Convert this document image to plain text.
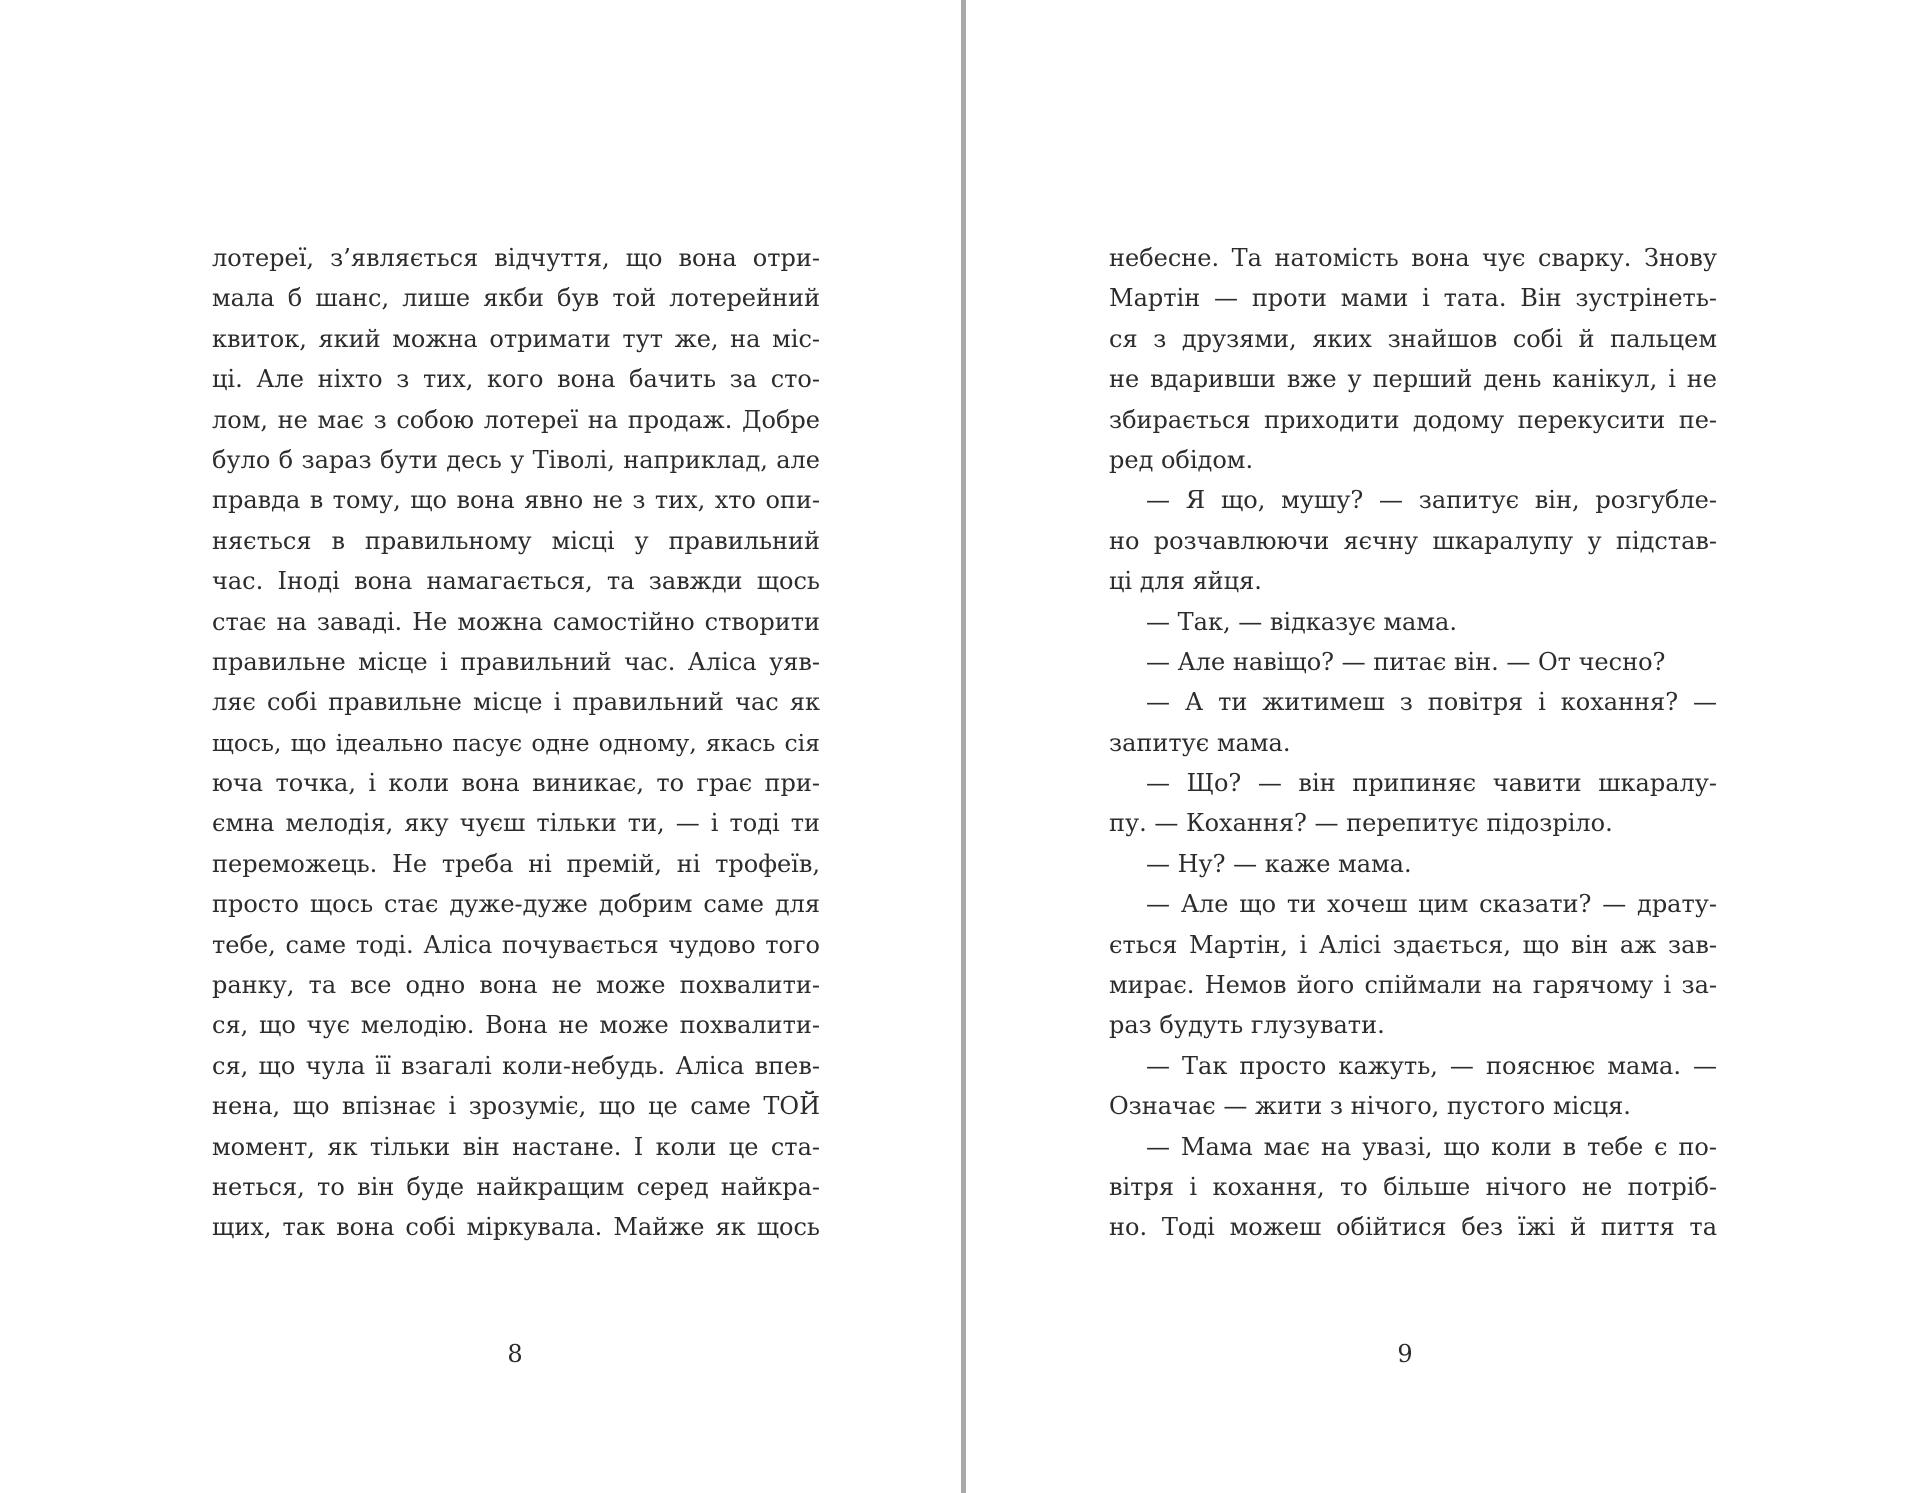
лотереї, з’являється відчуття, що вона отри-
мала б шанс, лише якби був той лотерейний
квиток, який можна отримати тут же, на міс-
ці. Але ніхто з тих, кого вона бачить за сто-
лом, не має з собою лотереї на продаж. Добре
було б зараз бути десь у Тіволі, наприклад, але
правда в тому, що вона явно не з тих, хто опи-
няється в правильному місці у правильний
час. Іноді вона намагається, та завжди щось
стає на заваді. Не можна самостійно створити
правильне місце і правильний час. Аліса уяв-
ляє собі правильне місце і правильний час як
щось, що ідеально пасує одне одному, якась сія
юча точка, і коли вона виникає, то грає при-
ємна мелодія, яку чуєш тільки ти, — і тоді ти
переможець. Не треба ні премій, ні трофеїв,
просто щось стає дуже-дуже добрим саме для
тебе, саме тоді. Аліса почувається чудово того
ранку, та все одно вона не може похвалити-
ся, що чує мелодію. Вона не може похвалити-
ся, що чула її взагалі коли-небудь. Аліса впев-
нена, що впізнає і зрозуміє, що це саме ТОЙ
момент, як тільки він настане. І коли це ста-
неться, то він буде найкращим серед найкра-
щих, так вона собі міркувала. Майже як щось

8

небесне. Та натомість вона чує сварку. Знову
Мартін — проти мами і тата. Він зустрінеть-
ся з друзями, яких знайшов собі й пальцем
не вдаривши вже у перший день канікул, і не
збирається приходити додому перекусити пе-
ред обідом.
— Я що, мушу? — запитує він, розгубле-
но розчавлюючи яєчну шкаралупу у підстав-
ці для яйця.
— Так, — відказує мама.
— Але навіщо? — питає він. — От чесно?
— А ти житимеш з повітря і кохання? —
запитує мама.
— Що? — він припиняє чавити шкаралу-
пу. — Кохання? — перепитує підозріло.
— Ну? — каже мама.
— Але що ти хочеш цим сказати? — драту-
ється Мартін, і Алісі здається, що він аж зав-
мирає. Немов його спіймали на гарячому і за-
раз будуть глузувати.
— Так просто кажуть, — пояснює мама. —
Означає — жити з нічого, пустого місця.
— Мама має на увазі, що коли в тебе є по-
вітря і кохання, то більше нічого не потріб-
но. Тоді можеш обійтися без їжі й пиття та

9
